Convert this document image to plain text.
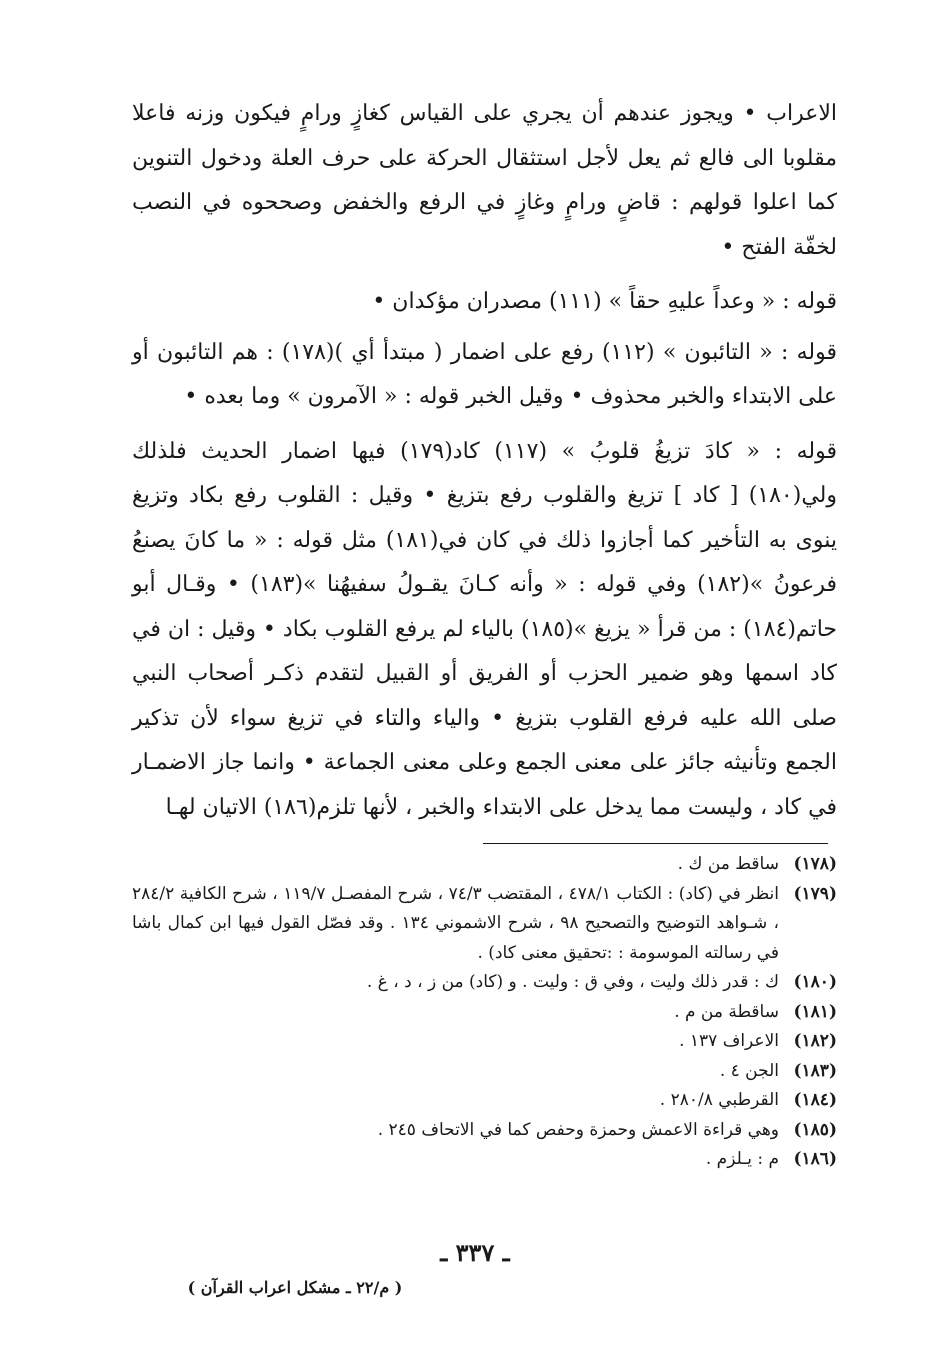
الاعراب • ويجوز عندهم أن يجري على القياس كغازٍ ورامٍ فيكون وزنه فاعلا مقلوبا الى فالع ثم يعل لأجل استثقال الحركة على حرف العلة ودخول التنوين كما اعلوا قولهم : قاضٍ ورامٍ وغازٍ في الرفع والخفض وصححوه في النصب لخفّة الفتح •

قوله : « وعداً عليهِ حقاً » (١١١) مصدران مؤكدان •

قوله : « التائبون » (١١٢) رفع على اضمار ( مبتدأ أي )(١٧٨) : هم التائبون أو على الابتداء والخبر محذوف • وقيل الخبر قوله : « الآمرون » وما بعده •

قوله : « كادَ تزيغُ قلوبُ » (١١٧) كاد(١٧٩) فيها اضمار الحديث فلذلك ولي(١٨٠) [ كاد ] تزيغ والقلوب رفع بتزيغ • وقيل : القلوب رفع بكاد وتزيغ ينوى به التأخير كما أجازوا ذلك في كان في(١٨١) مثل قوله : « ما كانَ يصنعُ فرعونُ »(١٨٢) وفي قوله : « وأنه كـانَ يقـولُ سفيهُنا »(١٨٣) • وقـال أبو حاتم(١٨٤) : من قرأ « يزيغ »(١٨٥) بالياء لم يرفع القلوب بكاد • وقيل : ان في كاد اسمها وهو ضمير الحزب أو الفريق أو القبيل لتقدم ذكـر أصحاب النبي صلى الله عليه فرفع القلوب بتزيغ • والياء والتاء في تزيغ سواء لأن تذكير الجمع وتأنيثه جائز على معنى الجمع وعلى معنى الجماعة • وانما جاز الاضمـار في كاد ، وليست مما يدخل على الابتداء والخبر ، لأنها تلزم(١٨٦) الاتيان لهـا

(١٧٨)
ساقط من ك .
(١٧٩)
انظر في (كاد) : الكتاب ٤٧٨/١ ، المقتضب ٧٤/٣ ، شرح المفصـل ١١٩/٧ ، شرح الكافية ٢٨٤/٢ ، شـواهد التوضيح والتصحيح ٩٨ ، شرح الاشموني ١٣٤ . وقد فصّل القول فيها ابن كمال باشا في رسالته الموسومة : :تحقيق معنى كاد) .
(١٨٠)
ك : قدر ذلك وليت ، وفي ق : وليت . و (كاد) من ز ، د ، غ .
(١٨١)
ساقطة من م .
(١٨٢)
الاعراف ١٣٧ .
(١٨٣)
الجن ٤ .
(١٨٤)
القرطبي ٢٨٠/٨ .
(١٨٥)
وهي قراءة الاعمش وحمزة وحفص كما في الاتحاف ٢٤٥ .
(١٨٦)
م : يـلزم .
ـ ٣٣٧ ـ
( م/٢٢ ـ مشكل اعراب القرآن )
